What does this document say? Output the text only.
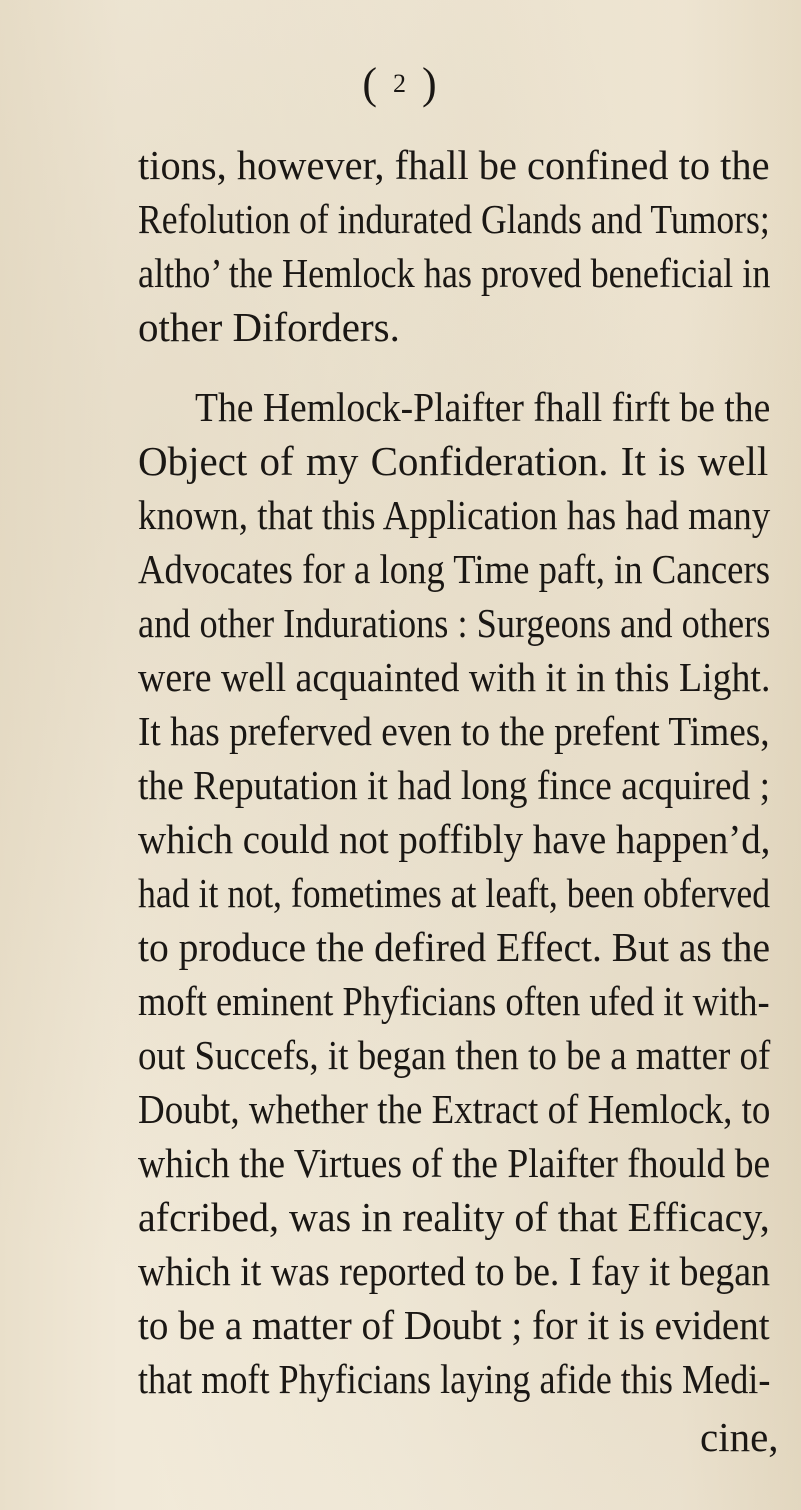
( 2 )
tions, however, fhall be confined to the
Refolution of indurated Glands and Tumors;
altho’ the Hemlock has proved beneficial in
other Diforders.
The Hemlock-Plaifter fhall firft be the
Object of my Confideration. It is well
known, that this Application has had many
Advocates for a long Time paft, in Cancers
and other Indurations : Surgeons and others
were well acquainted with it in this Light.
It has preferved even to the prefent Times,
the Reputation it had long fince acquired ;
which could not poffibly have happen’d,
had it not, fometimes at leaft, been obferved
to produce the defired Effect. But as the
moft eminent Phyficians often ufed it with-
out Succefs, it began then to be a matter of
Doubt, whether the Extract of Hemlock, to
which the Virtues of the Plaifter fhould be
afcribed, was in reality of that Efficacy,
which it was reported to be. I fay it began
to be a matter of Doubt ; for it is evident
that moft Phyficians laying afide this Medi-
cine,
